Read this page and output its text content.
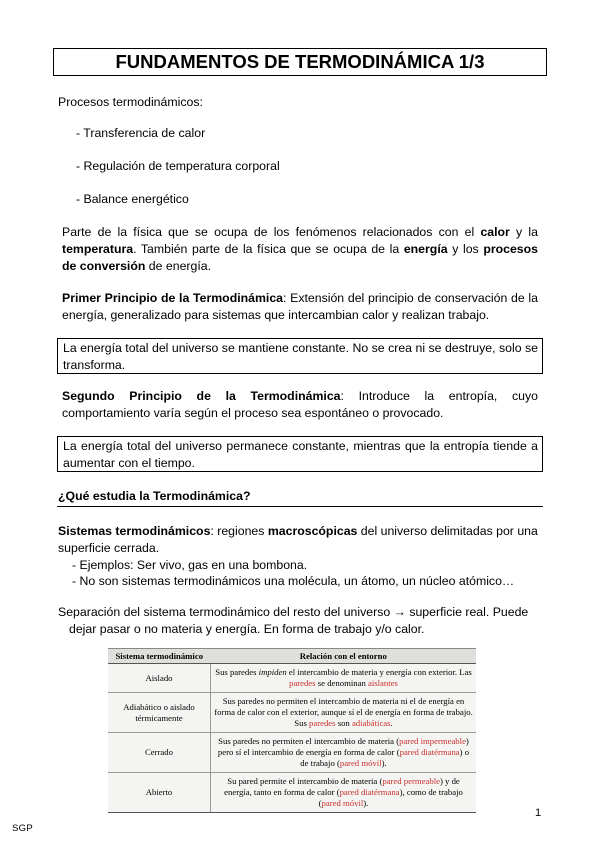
FUNDAMENTOS DE TERMODINÁMICA 1/3
Procesos termodinámicos:
- Transferencia de calor
- Regulación de temperatura corporal
- Balance energético
Parte de la física que se ocupa de los fenómenos relacionados con el calor y la temperatura. También parte de la física que se ocupa de la energía y los procesos de conversión de energía.
Primer Principio de la Termodinámica: Extensión del principio de conservación de la energía, generalizado para sistemas que intercambian calor y realizan trabajo.
La energía total del universo se mantiene constante. No se crea ni se destruye, solo se transforma.
Segundo Principio de la Termodinámica: Introduce la entropía, cuyo comportamiento varía según el proceso sea espontáneo o provocado.
La energía total del universo permanece constante, mientras que la entropía tiende a aumentar con el tiempo.
¿Qué estudia la Termodinámica?
Sistemas termodinámicos: regiones macroscópicas del universo delimitadas por una superficie cerrada.
- Ejemplos: Ser vivo, gas en una bombona.
- No son sistemas termodinámicos una molécula, un átomo, un núcleo atómico…
Separación del sistema termodinámico del resto del universo → superficie real. Puede
dejar pasar o no materia y energía. En forma de trabajo y/o calor.
Sistema termodinámico	Relación con el entorno
Aislado	Sus paredes impiden el intercambio de materia y energía con exterior. Las paredes se denominan aislantes
Adiabático o aislado térmicamente	Sus paredes no permiten el intercambio de materia ni el de energía en forma de calor con el exterior, aunque sí el de energía en forma de trabajo. Sus paredes son adiabáticas.
Cerrado	Sus paredes no permiten el intercambio de materia (pared impermeable) pero sí el intercambio de energía en forma de calor (pared diatérmana) o de trabajo (pared móvil).
Abierto	Su pared permite el intercambio de materia (pared permeable) y de energía, tanto en forma de calor (pared diatérmana), como de trabajo (pared móvil).
1
SGP
